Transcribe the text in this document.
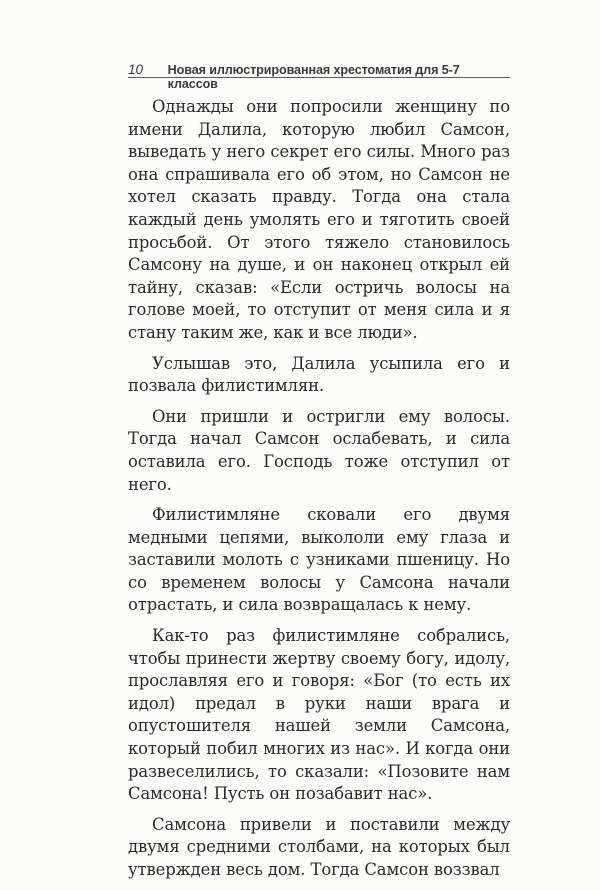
10	Новая иллюстрированная хрестоматия для 5-7 классов

Однажды они попросили женщину по имени Далила, которую любил Самсон, выведать у него секрет его силы. Много раз она спрашивала его об этом, но Самсон не хотел сказать правду. Тогда она стала каждый день умолять его и тяготить своей просьбой. От этого тяжело становилось Самсону на душе, и он наконец открыл ей тайну, сказав: «Если остричь волосы на голове моей, то отступит от меня сила и я стану таким же, как и все люди».

Услышав это, Далила усыпила его и позвала филистимлян.

Они пришли и остригли ему волосы. Тогда начал Самсон ослабевать, и сила оставила его. Господь тоже отступил от него.

Филистимляне сковали его двумя медными цепями, выкололи ему глаза и заставили молоть с узниками пшеницу. Но со временем волосы у Самсона начали отрастать, и сила возвращалась к нему.

Как-то раз филистимляне собрались, чтобы принести жертву своему богу, идолу, прославляя его и говоря: «Бог (то есть их идол) предал в руки наши врага и опустошителя нашей земли Самсона, который побил многих из нас». И когда они развеселились, то сказали: «Позовите нам Самсона! Пусть он позабавит нас».

Самсона привели и поставили между двумя средними столбами, на которых был утвержден весь дом. Тогда Самсон воззвал
